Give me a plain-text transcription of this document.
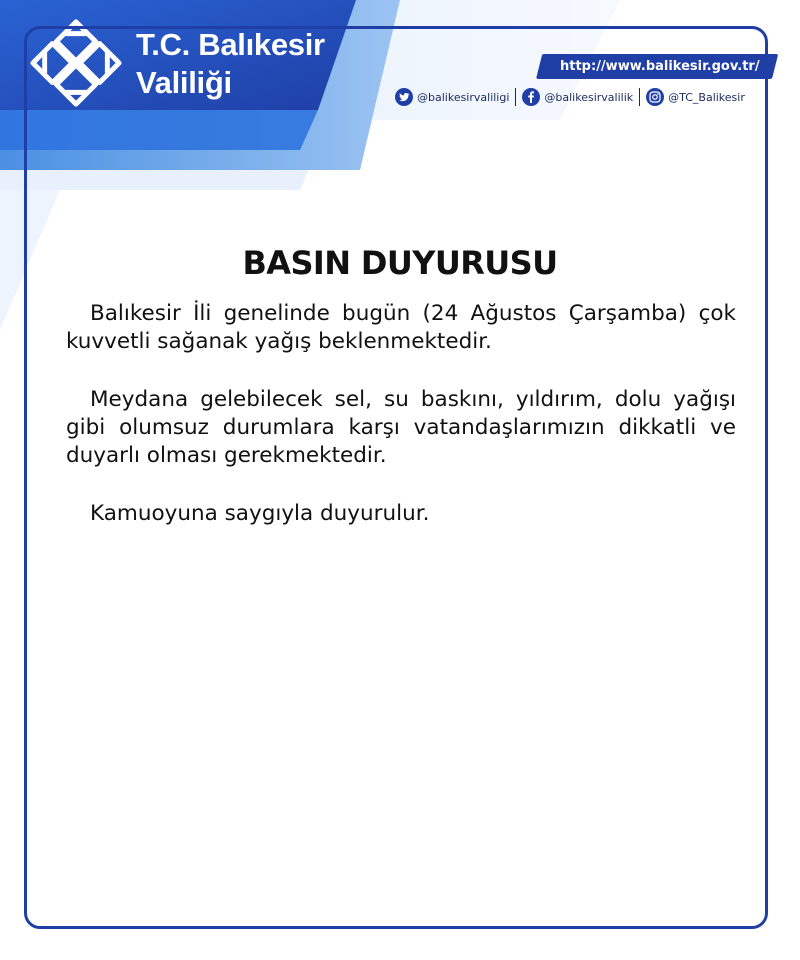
T.C. Balıkesir
Valiliği	http://www.balikesir.gov.tr/
@balikesirvaliligi	@balikesirvalilik	@TC_Balikesir
BASIN DUYURUSU

Balıkesir İli genelinde bugün (24 Ağustos Çarşamba) çok kuvvetli sağanak yağış beklenmektedir.

Meydana gelebilecek sel, su baskını, yıldırım, dolu yağışı gibi olumsuz durumlara karşı vatandaşlarımızın dikkatli ve duyarlı olması gerekmektedir.

Kamuoyuna saygıyla duyurulur.
